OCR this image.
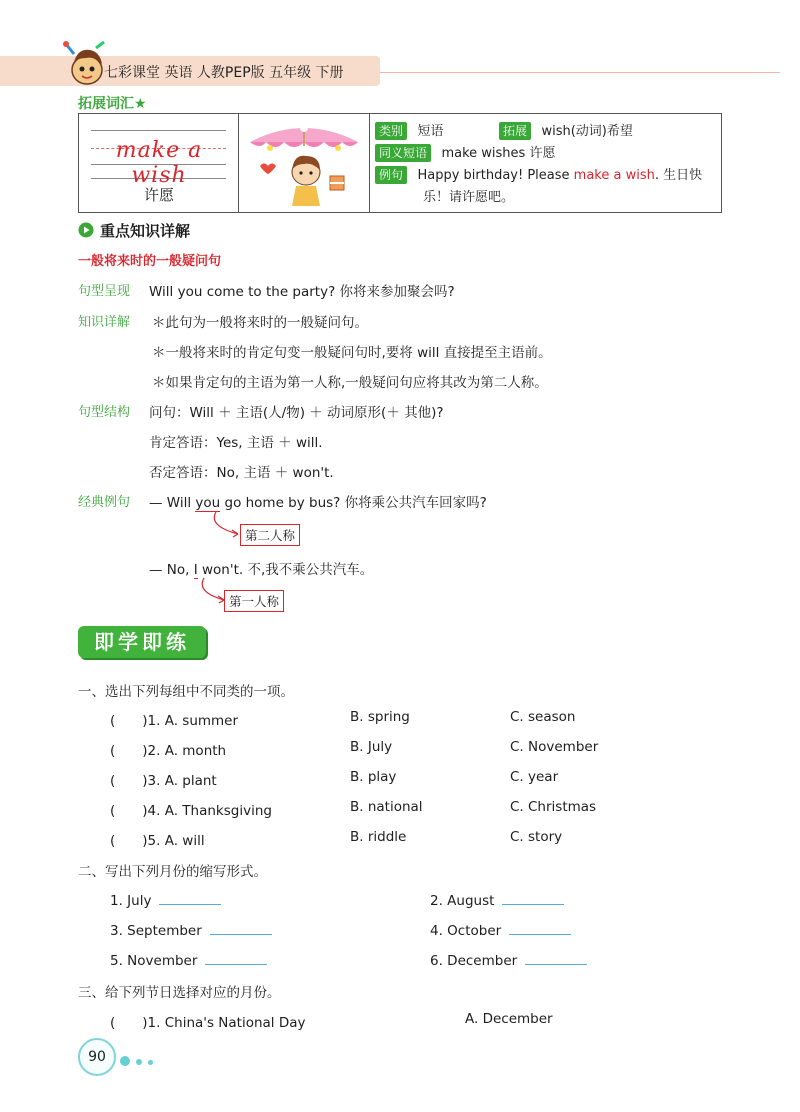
七彩课堂 英语 人教PEP版 五年级 下册
拓展词汇★
make a wish
许愿
类别 短语	拓展 wish(动词)希望
同义短语 make wishes 许愿
例句 Happy birthday! Please make a wish. 生日快
乐！请许愿吧。
重点知识详解
一般将来时的一般疑问句
句型呈现 Will you come to the party? 你将来参加聚会吗?
知识详解 ＊此句为一般将来时的一般疑问句。
＊一般将来时的肯定句变一般疑问句时,要将 will 直接提至主语前。
＊如果肯定句的主语为第一人称,一般疑问句应将其改为第二人称。
句型结构 问句：Will ＋ 主语(人/物) ＋ 动词原形(＋ 其他)?
肯定答语：Yes, 主语 ＋ will.
否定答语：No, 主语 ＋ won't.
经典例句 — Will you go home by bus? 你将乘公共汽车回家吗?
第二人称
— No, I won't. 不,我不乘公共汽车。
第一人称
即学即练
一、选出下列每组中不同类的一项。
(　　)1. A. summer	B. spring	C. season
(　　)2. A. month	B. July	C. November
(　　)3. A. plant	B. play	C. year
(　　)4. A. Thanksgiving	B. national	C. Christmas
(　　)5. A. will	B. riddle	C. story
二、写出下列月份的缩写形式。
1. July	2. August
3. September	4. October
5. November	6. December
三、给下列节日选择对应的月份。
(　　)1. China's National Day	A. December
90
